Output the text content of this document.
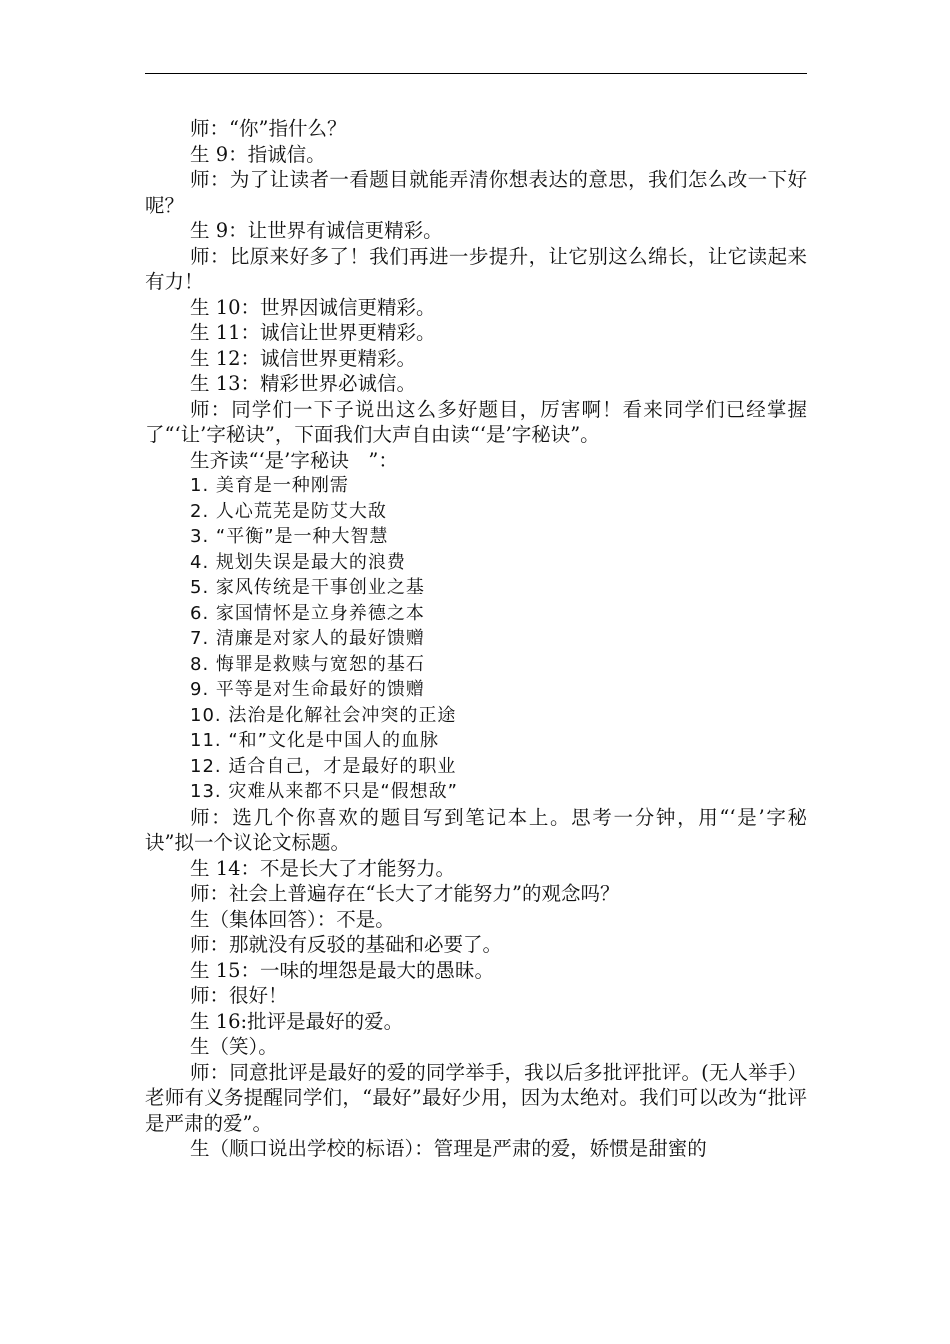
师：“你”指什么？
生 9：指诚信。
师：为了让读者一看题目就能弄清你想表达的意思，我们怎么改一下好呢？
生 9：让世界有诚信更精彩。
师：比原来好多了！我们再进一步提升，让它别这么绵长，让它读起来有力！
生 10：世界因诚信更精彩。
生 11：诚信让世界更精彩。
生 12：诚信世界更精彩。
生 13：精彩世界必诚信。
师：同学们一下子说出这么多好题目，厉害啊！看来同学们已经掌握了“‘让’字秘诀”，下面我们大声自由读“‘是’字秘诀”。
生齐读“‘是’字秘诀　”：
1. 美育是一种刚需
2. 人心荒芜是防艾大敌
3. “平衡”是一种大智慧
4. 规划失误是最大的浪费
5. 家风传统是干事创业之基
6. 家国情怀是立身养德之本
7. 清廉是对家人的最好馈赠
8. 悔罪是救赎与宽恕的基石
9. 平等是对生命最好的馈赠
10. 法治是化解社会冲突的正途
11. “和”文化是中国人的血脉
12. 适合自己，才是最好的职业
13. 灾难从来都不只是“假想敌”
师：选几个你喜欢的题目写到笔记本上。思考一分钟，用“‘是’字秘诀”拟一个议论文标题。
生 14：不是长大了才能努力。
师：社会上普遍存在“长大了才能努力”的观念吗？
生（集体回答）：不是。
师：那就没有反驳的基础和必要了。
生 15：一味的埋怨是最大的愚昧。
师：很好！
生 16:批评是最好的爱。
生（笑）。
师：同意批评是最好的爱的同学举手，我以后多批评批评。(无人举手）老师有义务提醒同学们，“最好”最好少用，因为太绝对。我们可以改为“批评是严肃的爱”。
生（顺口说出学校的标语）：管理是严肃的爱，娇惯是甜蜜的
